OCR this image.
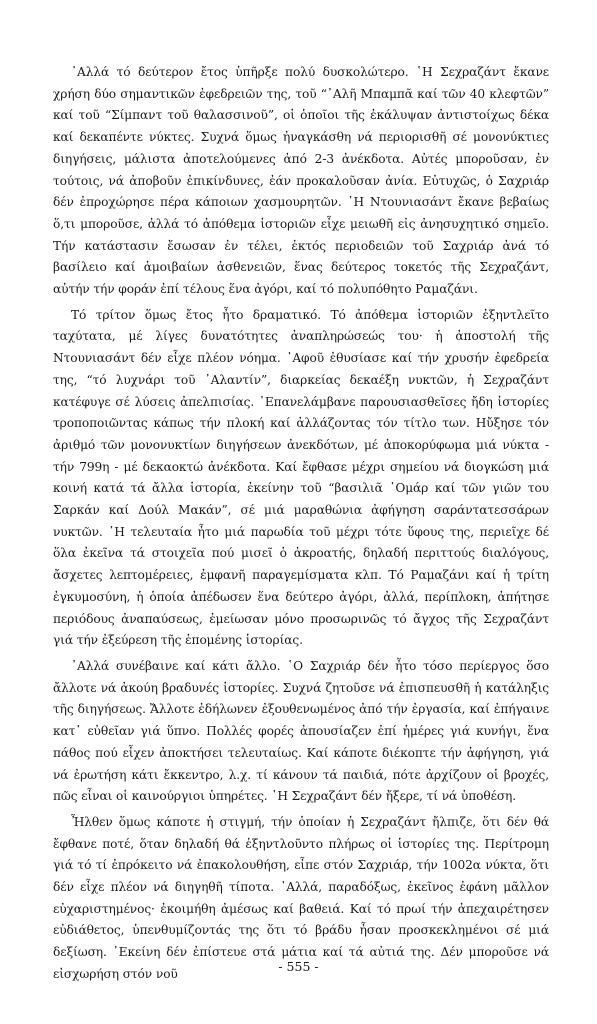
᾿Αλλά τό δεύτερον ἔτος ὑπῆρξε πολύ δυσκολώτερο. ῾Η Σεχραζάντ ἔκανε χρήση δύο σημαντικῶν ἐφεδρειῶν της, τοῦ “᾿Αλῆ Μπαμπᾶ καί τῶν 40 κλεφτῶν” καί τοῦ “Σίμπαντ τοῦ θαλασσινοῦ”, οἱ ὁποῖοι τῆς ἐκάλυψαν ἀντιστοίχως δέκα καί δεκαπέντε νύκτες. Συχνά ὅμως ἠναγκάσθη νά περιορισθῆ σέ μονονύκτιες διηγήσεις, μάλιστα ἀποτελούμενες ἀπό 2-3 ἀνέκδοτα. Αὐτές μποροῦσαν, ἐν τούτοις, νά ἀποβοῦν ἐπικίνδυνες, ἐάν προκαλοῦσαν ἀνία. Εὐτυχῶς, ὁ Σαχριάρ δέν ἐπροχώρησε πέρα κάποιων χασμουρητῶν. ῾Η Ντουνιασάντ ἔκανε βεβαίως ὅ,τι μποροῦσε, ἀλλά τό ἀπόθεμα ἱστοριῶν εἶχε μειωθῆ εἰς ἀνησυχητικό σημεῖο. Τήν κατάστασιν ἔσωσαν ἐν τέλει, ἐκτός περιοδειῶν τοῦ Σαχριάρ ἀνά τό βασίλειο καί ἀμοιβαίων ἀσθενειῶν, ἕνας δεύτερος τοκετός τῆς Σεχραζάντ, αὐτήν τήν φοράν ἐπί τέλους ἕνα ἀγόρι, καί τό πολυπόθητο Ραμαζάνι.

Τό τρίτον ὅμως ἔτος ἦτο δραματικό. Τό ἀπόθεμα ἱστοριῶν ἐξηντλεῖτο ταχύτατα, μέ λίγες δυνατότητες ἀναπληρώσεώς του· ἡ ἀποστολή τῆς Ντουνιασάντ δέν εἶχε πλέον νόημα. ᾿Αφοῦ ἐθυσίασε καί τήν χρυσήν ἐφεδρεία της, “τό λυχνάρι τοῦ ᾿Αλαντίν”, διαρκείας δεκαέξη νυκτῶν, ἡ Σεχραζάντ κατέφυγε σέ λύσεις ἀπελπισίας. ᾿Επανελάμβανε παρουσιασθεῖσες ἤδη ἱστορίες τροποποιῶντας κάπως τήν πλοκή καί ἀλλάζοντας τόν τίτλο των. Ηὔξησε τόν ἀριθμό τῶν μονονυκτίων διηγήσεων ἀνεκδότων, μέ ἀποκορύφωμα μιά νύκτα - τήν 799η - μέ δεκαοκτώ ἀνέκδοτα. Καί ἔφθασε μέχρι σημείου νά διογκώση μιά κοινή κατά τά ἄλλα ἱστορία, ἐκείνην τοῦ “βασιλιᾶ ᾿Ομάρ καί τῶν γιῶν του Σαρκάν καί Δούλ Μακάν”, σέ μιά μαραθώνια ἀφήγηση σαράντατεσσάρων νυκτῶν. ῾Η τελευταία ἦτο μιά παρωδία τοῦ μέχρι τότε ὕφους της, περιεῖχε δέ ὅλα ἐκεῖνα τά στοιχεῖα πού μισεῖ ὁ ἀκροατής, δηλαδή περιττούς διαλόγους, ἄσχετες λεπτομέρειες, ἐμφανῆ παραγεμίσματα κλπ. Τό Ραμαζάνι καί ἡ τρίτη ἐγκυμοσύνη, ἡ ὁποία ἀπέδωσεν ἕνα δεύτερο ἀγόρι, ἀλλά, περίπλοκη, ἀπήτησε περιόδους ἀναπαύσεως, ἐμείωσαν μόνο προσωρινῶς τό ἄγχος τῆς Σεχραζάντ γιά τήν ἐξεύρεση τῆς ἑπομένης ἱστορίας.

᾿Αλλά συνέβαινε καί κάτι ἄλλο. ῾Ο Σαχριάρ δέν ἦτο τόσο περίεργος ὅσο ἄλλοτε νά ἀκούη βραδυνές ἱστορίες. Συχνά ζητοῦσε νά ἐπισπευσθῆ ἡ κατάληξις τῆς διηγήσεως. Ἄλλοτε ἐδήλωνεν ἐξουθενωμένος ἀπό τήν ἐργασία, καί ἐπήγαινε κατ᾿ εὐθεῖαν γιά ὕπνο. Πολλές φορές ἀπουσίαζεν ἐπί ἡμέρες γιά κυνήγι, ἕνα πάθος πού εἶχεν ἀποκτήσει τελευταίως. Καί κάποτε διέκοπτε τήν ἀφήγηση, γιά νά ἐρωτήση κάτι ἔκκεντρο, λ.χ. τί κάνουν τά παιδιά, πότε ἀρχίζουν οἱ βροχές, πῶς εἶναι οἱ καινούργιοι ὑπηρέτες. ῾Η Σεχραζάντ δέν ἤξερε, τί νά ὑποθέση.

Ἦλθεν ὅμως κάποτε ἡ στιγμή, τήν ὁποίαν ἡ Σεχραζάντ ἤλπιζε, ὅτι δέν θά ἔφθανε ποτέ, ὅταν δηλαδή θά ἐξηντλοῦντο πλήρως οἱ ἱστορίες της. Περίτρομη γιά τό τί ἐπρόκειτο νά ἐπακολουθήση, εἶπε στόν Σαχριάρ, τήν 1002α νύκτα, ὅτι δέν εἶχε πλέον νά διηγηθῆ τίποτα. ᾿Αλλά, παραδόξως, ἐκεῖνος ἐφάνη μᾶλλον εὐχαριστημένος· ἐκοιμήθη ἀμέσως καί βαθειά. Καί τό πρωί τήν ἀπεχαιρέτησεν εὐδιάθετος, ὑπενθυμίζοντάς της ὅτι τό βράδυ ἦσαν προσκεκλημένοι σέ μιά δεξίωση. ᾿Εκείνη δέν ἐπίστευε στά μάτια καί τά αὐτιά της. Δέν μποροῦσε νά εἰσχωρήση στόν νοῦ	- 555 -
